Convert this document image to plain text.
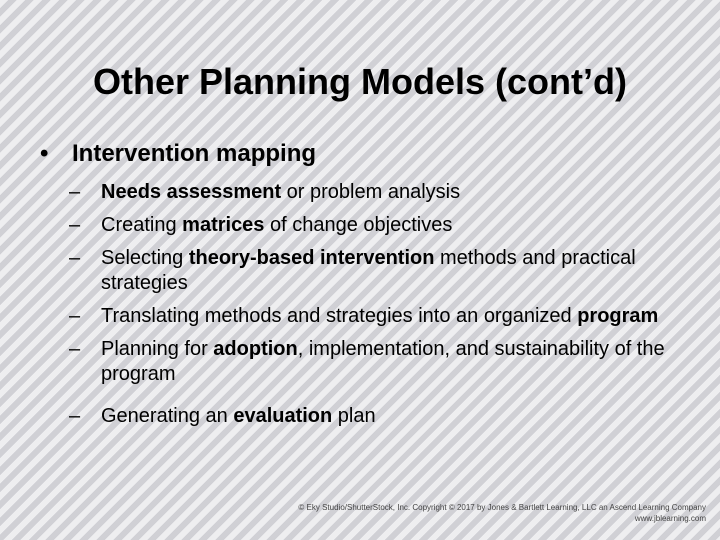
Other Planning Models (cont’d)
• Intervention mapping
–	Needs assessment or problem analysis
–	Creating matrices of change objectives
–	Selecting theory-based intervention methods and practical strategies
–	Translating methods and strategies into an organized program
–	Planning for adoption, implementation, and sustainability of the program
–	Generating an evaluation plan
© Eky Studio/ShutterStock, Inc. Copyright © 2017 by Jones & Bartlett Learning, LLC an Ascend Learning Company
www.jblearning.com
